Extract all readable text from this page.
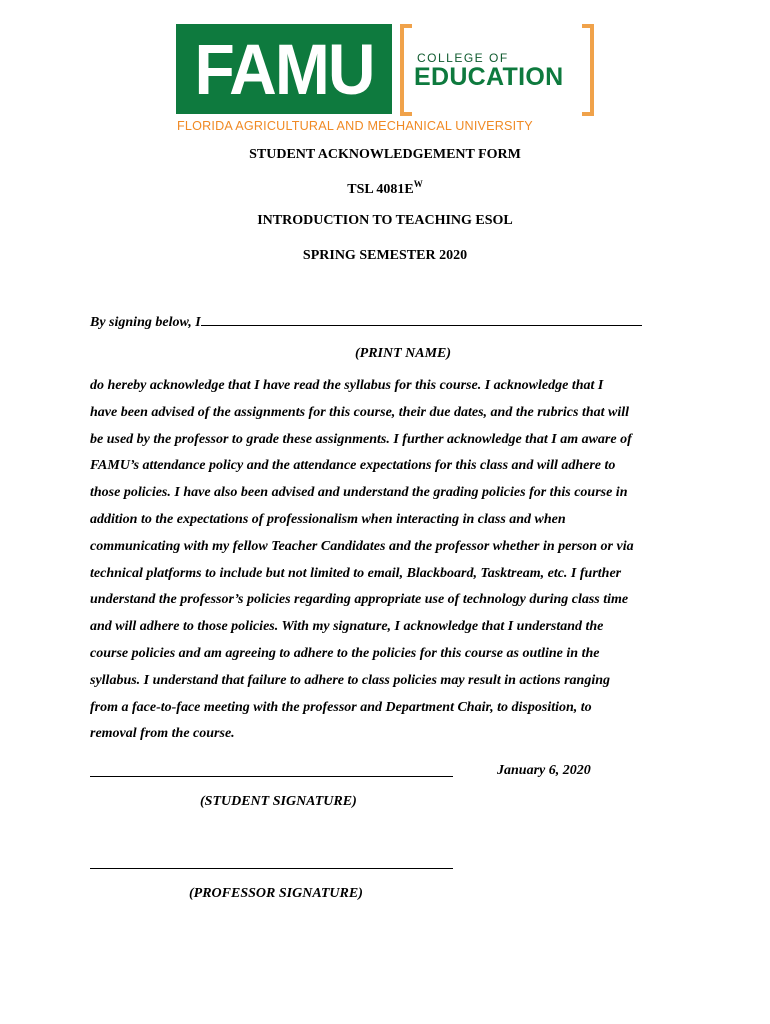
FAMU	COLLEGE OF
EDUCATION
FLORIDA AGRICULTURAL AND MECHANICAL UNIVERSITY
STUDENT ACKNOWLEDGEMENT FORM
TSL $4081E^W$
INTRODUCTION TO TEACHING ESOL
SPRING SEMESTER 2020
By signing below, I
(PRINT NAME)
do hereby acknowledge that I have read the syllabus for this course. I acknowledge that I
have been advised of the assignments for this course, their due dates, and the rubrics that will
be used by the professor to grade these assignments. I further acknowledge that I am aware of
FAMU’s attendance policy and the attendance expectations for this class and will adhere to
those policies. I have also been advised and understand the grading policies for this course in
addition to the expectations of professionalism when interacting in class and when
communicating with my fellow Teacher Candidates and the professor whether in person or via
technical platforms to include but not limited to email, Blackboard, Tasktream, etc. I further
understand the professor’s policies regarding appropriate use of technology during class time
and will adhere to those policies. With my signature, I acknowledge that I understand the
course policies and am agreeing to adhere to the policies for this course as outline in the
syllabus. I understand that failure to adhere to class policies may result in actions ranging
from a face-to-face meeting with the professor and Department Chair, to disposition, to
removal from the course.
January 6, 2020
(STUDENT SIGNATURE)
(PROFESSOR SIGNATURE)
